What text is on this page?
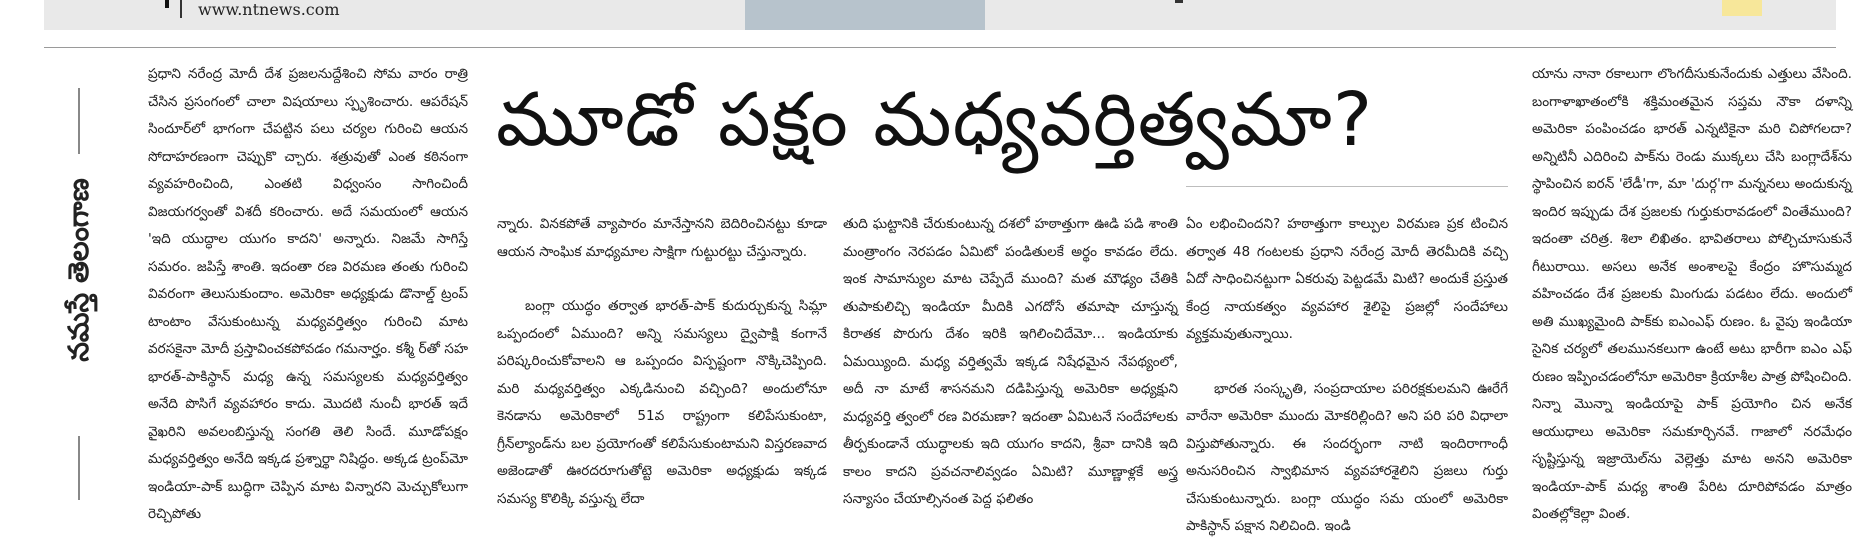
www.ntnews.com
నమస్తే తెలంగాణ

ప్రధాని నరేంద్ర మోదీ దేశ ప్రజలనుద్దేశించి సోమ వారం రాత్రి చేసిన ప్రసంగంలో చాలా విషయాలు స్పృశించారు. ఆపరేషన్ సిందూర్‌లో భాగంగా చేపట్టిన పలు చర్యల గురించి ఆయన సోదాహరణంగా చెప్పుకొ చ్చారు. శత్రువుతో ఎంత కఠినంగా వ్యవహరించింది, ఎంతటి విధ్వంసం సాగించిందీ విజయగర్వంతో విశదీ కరించారు. అదే సమయంలో ఆయన 'ఇది యుద్ధాల యుగం కాదని' అన్నారు. నిజమే సాగిస్తే సమరం. జపిస్తే శాంతి. ఇదంతా రణ విరమణ తంతు గురించి వివరంగా తెలుసుకుందాం. అమెరికా అధ్యక్షుడు డొనాల్డ్ ట్రంప్ టాంటాం వేసుకుంటున్న మధ్యవర్తిత్వం గురించి మాట వరసకైనా మోదీ ప్రస్తావించకపోవడం గమనార్హం. కశ్మీ ర్‌తో సహ భారత్-పాకిస్థాన్ మధ్య ఉన్న సమస్యలకు మధ్యవర్తిత్వం అనేది పొసిగే వ్యవహారం కాదు. మొదటి నుంచీ భారత్ ఇదే వైఖరిని అవలంబిస్తున్న సంగతి తెలి సిందే. మూడోపక్షం మధ్యవర్తిత్వం అనేది ఇక్కడ ప్రశ్నార్థా నిషిద్ధం. అక్కడ ట్రంప్‌మో ఇండియా-పాక్ బుద్ధిగా చెప్పిన మాట విన్నారని మెచ్చుకోలుగా రెచ్చిపోతు

మూడో పక్షం మధ్యవర్తిత్వమా?

న్నారు. వినకపోతే వ్యాపారం మానేస్తానని బెదిరించినట్టు కూడా ఆయన సాంఘిక మాధ్యమాల సాక్షిగా గుట్టురట్టు చేస్తున్నారు.

బంగ్లా యుద్ధం తర్వాత భారత్-పాక్ కుదుర్చుకున్న సిమ్లా ఒప్పందంలో ఏముంది? అన్ని సమస్యలు ద్వైపాక్షి కంగానే పరిష్కరించుకోవాలని ఆ ఒప్పందం విస్పష్టంగా నొక్కిచెప్పింది. మరి మధ్యవర్తిత్వం ఎక్కడినుంచి వచ్చింది? అందులోనూ కెనడాను అమెరికాలో 51వ రాష్ట్రంగా కలిపేసుకుంటా, గ్రీన్‌ల్యాండ్‌ను బల ప్రయోగంతో కలిపేసుకుంటామని విస్తరణవాద అజెండాతో ఊరదరూగుతోట్టె అమెరికా అధ్యక్షుడు ఇక్కడ సమస్య కొలిక్కి వస్తున్న లేదా

తుది ఘట్టానికి చేరుకుంటున్న దశలో హఠాత్తుగా ఊడి పడి శాంతి మంత్రాంగం నెరపడం ఏమిటో పండితులకే అర్థం కావడం లేదు. ఇంక సామాన్యుల మాట చెప్పేదే ముంది? మత మౌఢ్యం చేతికి తుపాకులిచ్చి ఇండియా మీదికి ఎగదోసే తమాషా చూస్తున్న కిరాతక పొరుగు దేశం ఇరికి ఇగిలించిదేమో... ఇండియాకు ఏమయ్యింది. మధ్య వర్తిత్వమే ఇక్కడ నిషేధమైన నేపథ్యంలో, అదీ నా మాటే శాసనమని దడిపిస్తున్న అమెరికా అధ్యక్షుని మధ్యవర్తి త్వంలో రణ విరమణా? ఇదంతా ఏమిటనే సందేహాలకు తీర్పకుండానే యుద్ధాలకు ఇది యుగం కాదని, శ్రీవా దానికి ఇది కాలం కాదని ప్రవచనాలివ్వడం ఏమిటి? మూణ్ణాళ్లకే అస్త్ర సన్యాసం చేయాల్సినంత పెద్ద ఫలితం

ఏం లభించిందని? హఠాత్తుగా కాల్పుల విరమణ ప్రక టించిన తర్వాత 48 గంటలకు ప్రధాని నరేంద్ర మోదీ తెరమీదికి వచ్చి ఏదో సాధించినట్టుగా ఏకరువు పెట్టడమే మిటి? అందుకే ప్రస్తుత కేంద్ర నాయకత్వం వ్యవహార శైలిపై ప్రజల్లో సందేహాలు వ్యక్తమవుతున్నాయి.

భారత సంస్కృతి, సంప్రదాయాల పరిరక్షకులమని ఊరేగే వారేనా అమెరికా ముందు మోకరిల్లింది? అని పరి పరి విధాలా విస్తుపోతున్నారు. ఈ సందర్భంగా నాటి ఇందిరాగాంధీ అనుసరించిన స్వాభిమాన వ్యవహారశైలిని ప్రజలు గుర్తు చేసుకుంటున్నారు. బంగ్లా యుద్ధం సమ యంలో అమెరికా పాకిస్థాన్ పక్షాన నిలిచింది. ఇండి

యాను నానా రకాలుగా లొంగదీసుకునేందుకు ఎత్తులు వేసింది. బంగాళాఖాతంలోకి శక్తిమంతమైన సప్తమ నౌకా దళాన్ని అమెరికా పంపించడం భారత్ ఎన్నటికైనా మరి చిపోగలదా? అన్నిటినీ ఎదిరించి పాక్‌ను రెండు ముక్కలు చేసి బంగ్లాదేశ్‌ను స్థాపించిన ఐరన్ 'లేడీ'గా, మా 'దుర్గ'గా మన్ననలు అందుకున్న ఇందిర ఇప్పుడు దేశ ప్రజలకు గుర్తుకురావడంలో వింతేముంది? ఇదంతా చరిత్ర. శిలా లిఖితం. భావితరాలు పోల్చిచూసుకునే గీటురాయి. అసలు అనేక అంశాలపై కేంద్రం హొసుమ్మద వహించడం దేశ ప్రజలకు మింగుడు పడటం లేదు. అందులో అతి ముఖ్యమైంది పాక్‌కు ఐఎంఎఫ్ రుణం. ఓ వైపు ఇండియా సైనిక చర్యలో తలమునకలుగా ఉంటే అటు భారీగా ఐఎం ఎఫ్ రుణం ఇప్పించడంలోనూ అమెరికా క్రియాశీల పాత్ర పోషించింది. నిన్నా మొన్నా ఇండియాపై పాక్ ప్రయోగిం చిన అనేక ఆయుధాలు అమెరికా సమకూర్చినవే. గాజాలో నరమేధం సృష్టిస్తున్న ఇజ్రాయెల్‌ను వెల్లెత్తు మాట అనని అమెరికా ఇండియా-పాక్ మధ్య శాంతి పేరిట దూరిపోవడం మాత్రం వింతల్లోకెల్లా వింత.
